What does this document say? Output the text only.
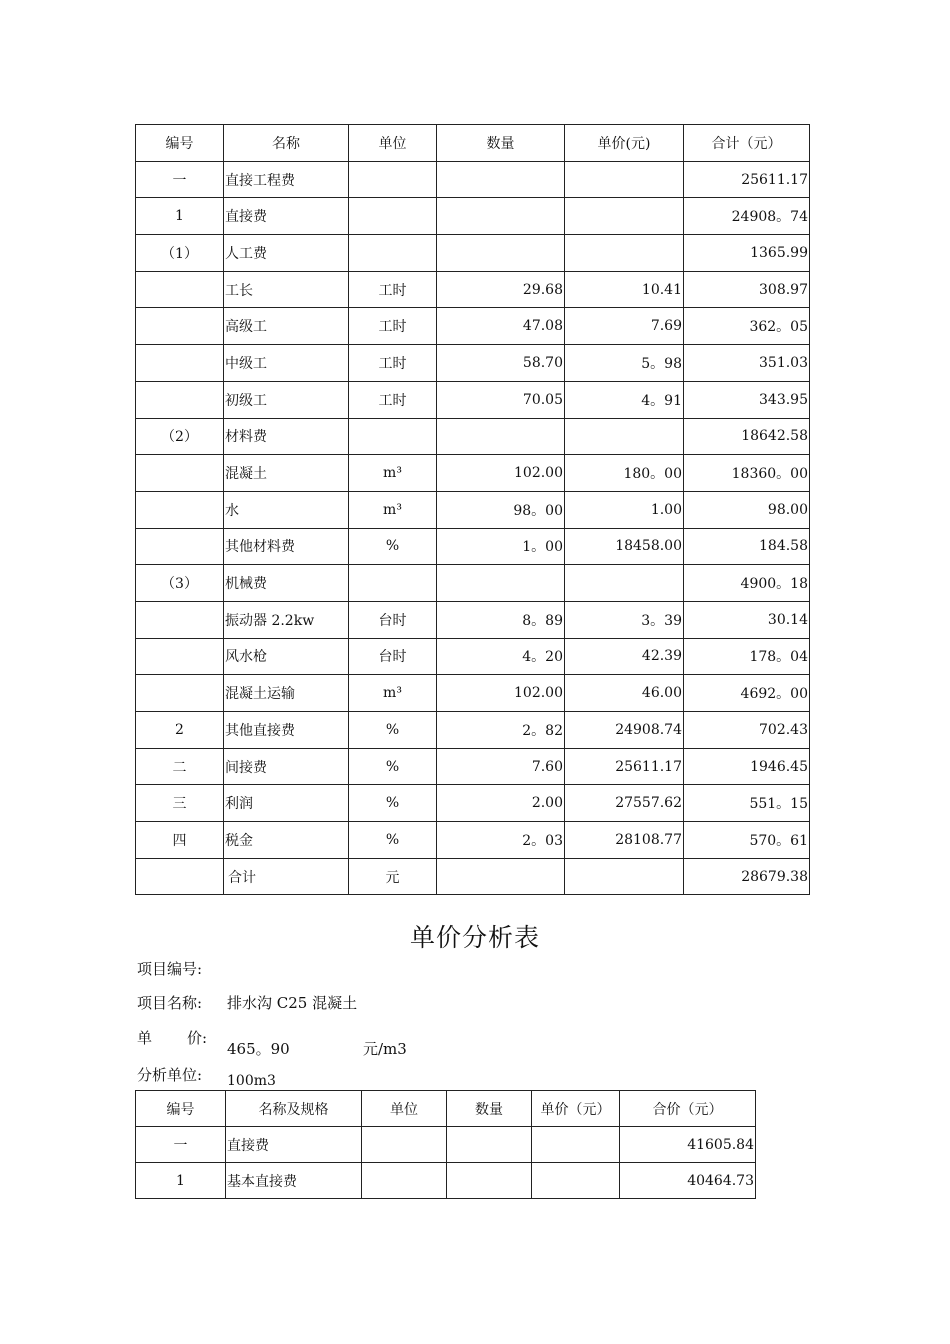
编号	名称	单位	数量	单价(元)	合计（元）
一	直接工程费				25611.17
1	直接费				24908。74
（1）	人工费				1365.99
	工长	工时	29.68	10.41	308.97
	高级工	工时	47.08	7.69	362。05
	中级工	工时	58.70	5。98	351.03
	初级工	工时	70.05	4。91	343.95
（2）	材料费				18642.58
	混凝土	m³	102.00	180。00	18360。00
	水	m³	98。00	1.00	98.00
	其他材料费	%	1。00	18458.00	184.58
（3）	机械费				4900。18
	振动器 2.2kw	台时	8。89	3。39	30.14
	风水枪	台时	4。20	42.39	178。04
	混凝土运输	m³	102.00	46.00	4692。00
2	其他直接费	%	2。82	24908.74	702.43
二	间接费	%	7.60	25611.17	1946.45
三	利润	%	2.00	27557.62	551。15
四	税金	%	2。03	28108.77	570。61
	合计	元			28679.38
单价分析表
项目编号:
项目名称: 排水沟 C25 混凝土
单 价:
465。90	元/m3
分析单位: 100m3
编号	名称及规格	单位	数量	单价（元）	合价（元）
一	直接费				41605.84
1	基本直接费				40464.73
